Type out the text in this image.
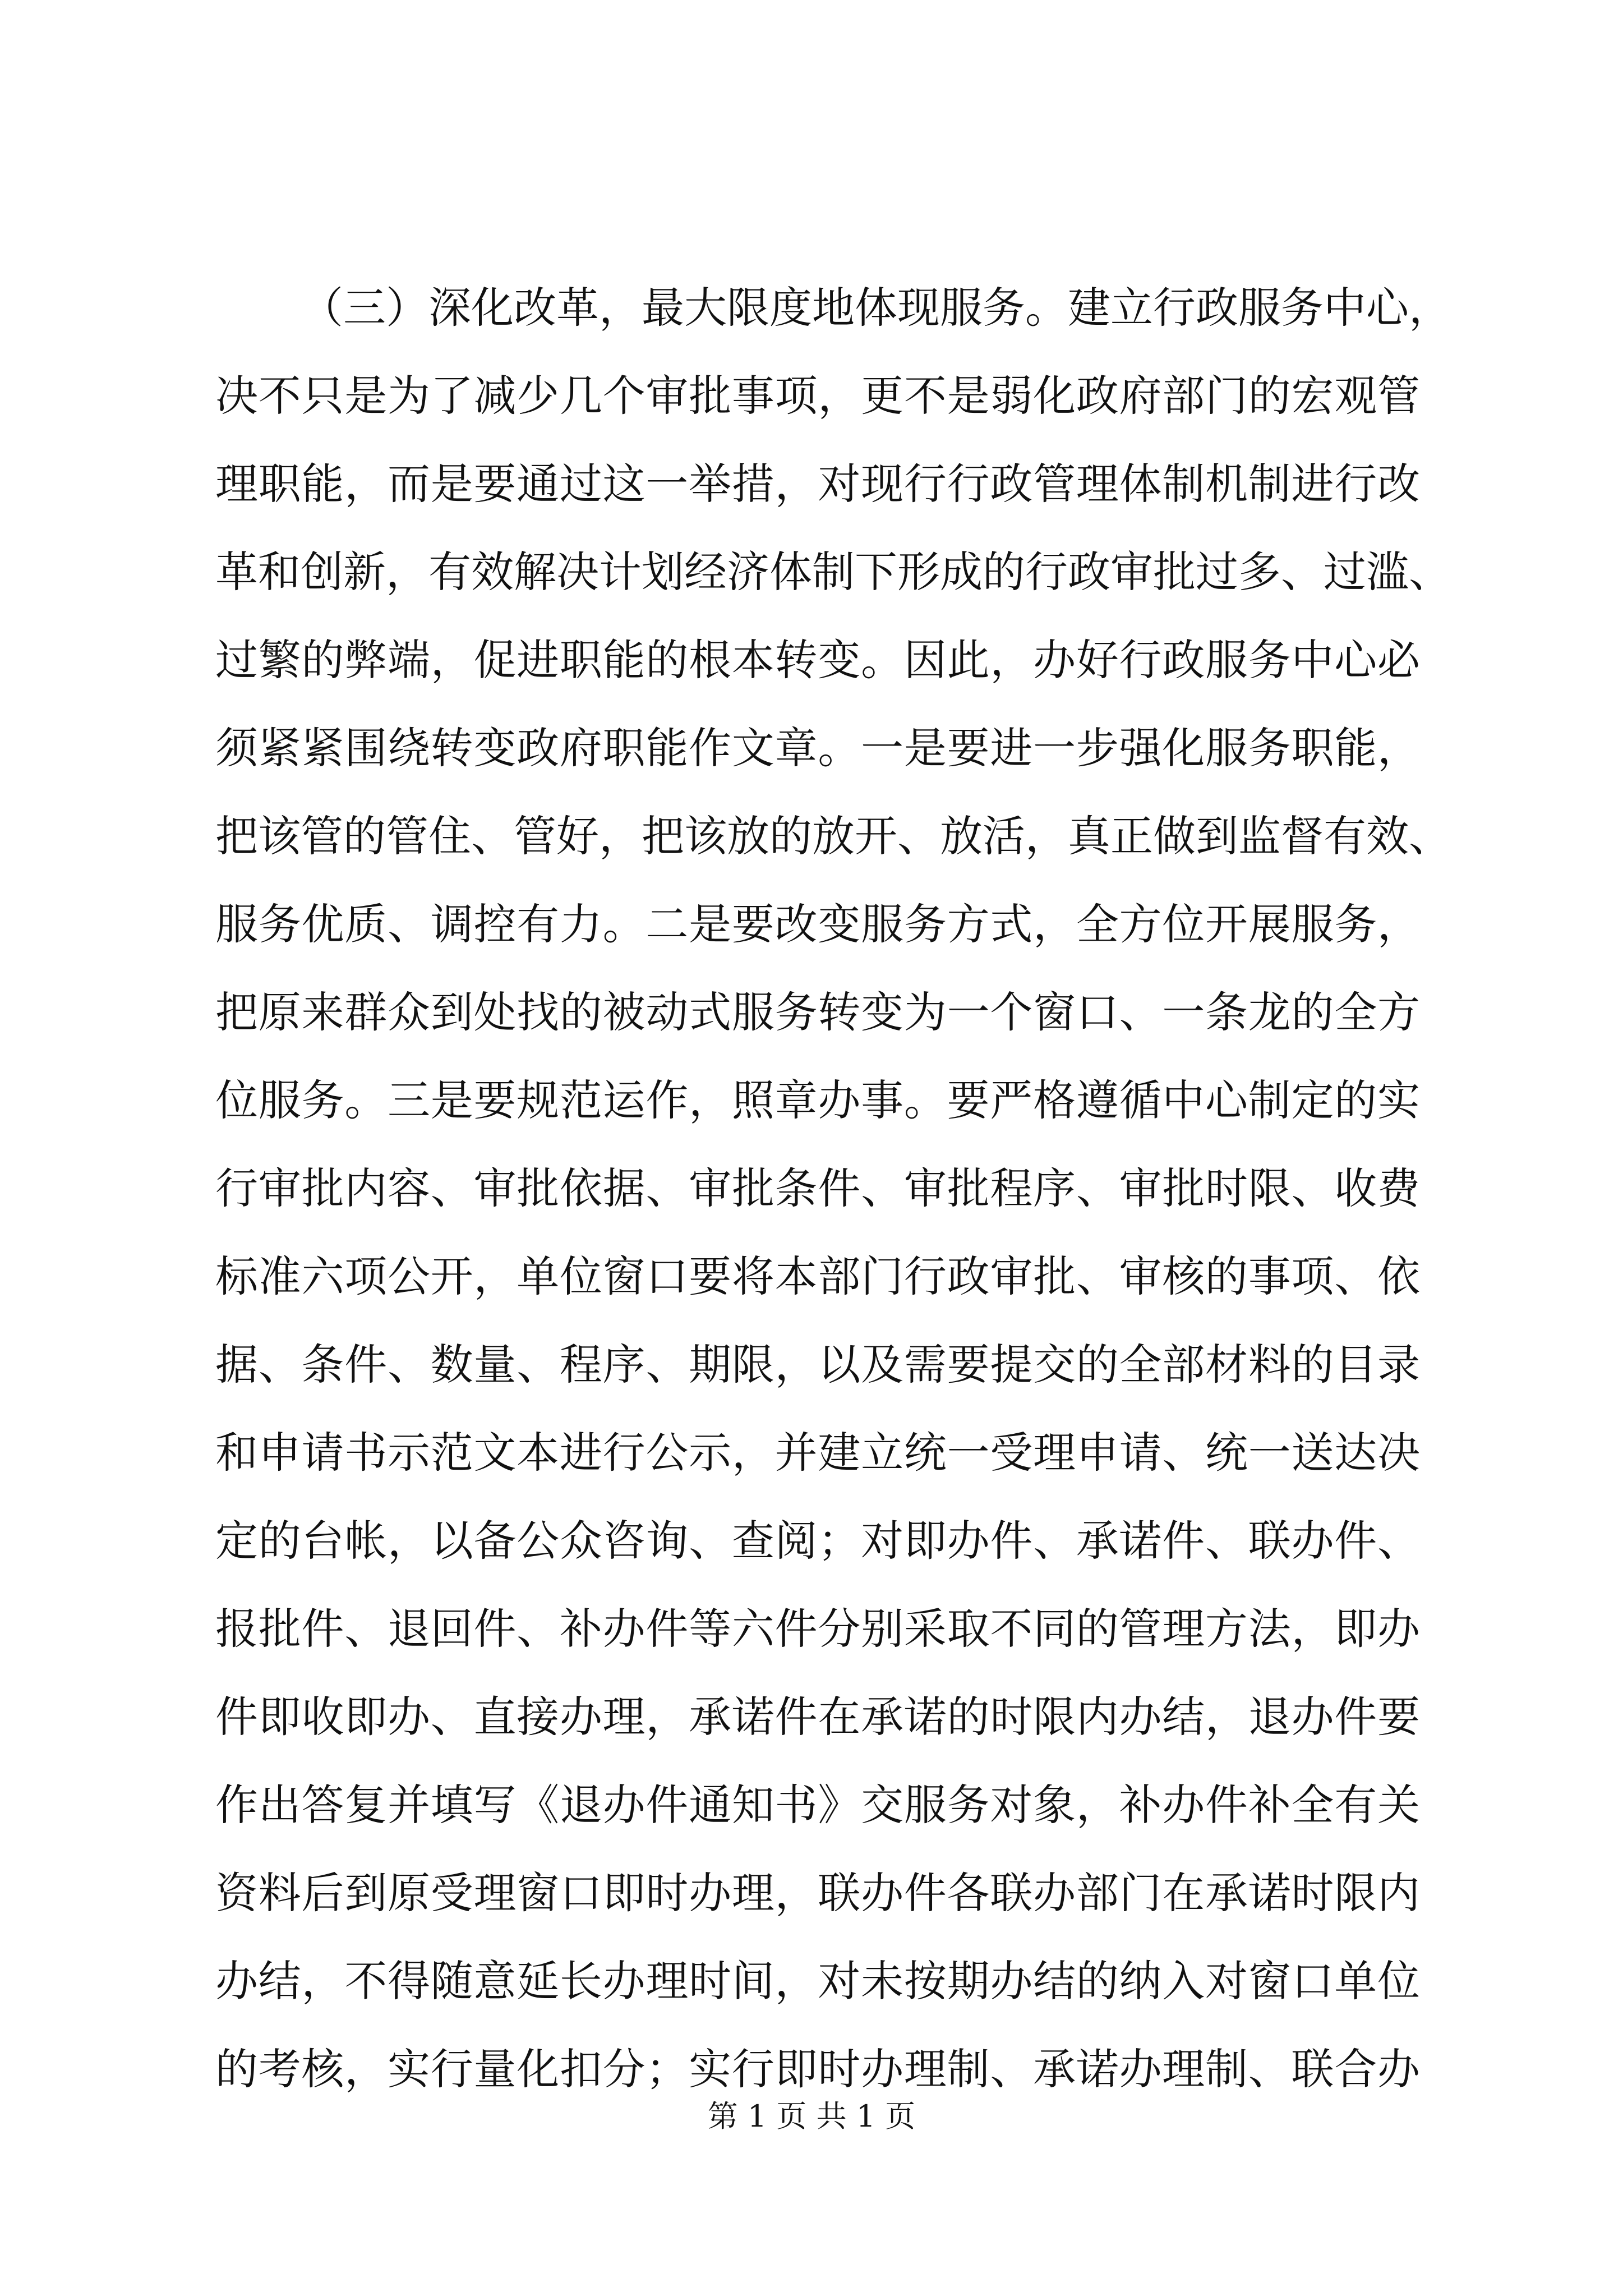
（三）深化改革，最大限度地体现服务。建立行政服务中心，
决不只是为了减少几个审批事项，更不是弱化政府部门的宏观管
理职能，而是要通过这一举措，对现行行政管理体制机制进行改
革和创新，有效解决计划经济体制下形成的行政审批过多、过滥、
过繁的弊端，促进职能的根本转变。因此，办好行政服务中心必
须紧紧围绕转变政府职能作文章。一是要进一步强化服务职能，
把该管的管住、管好，把该放的放开、放活，真正做到监督有效、
服务优质、调控有力。二是要改变服务方式，全方位开展服务，
把原来群众到处找的被动式服务转变为一个窗口、一条龙的全方
位服务。三是要规范运作，照章办事。要严格遵循中心制定的实
行审批内容、审批依据、审批条件、审批程序、审批时限、收费
标准六项公开，单位窗口要将本部门行政审批、审核的事项、依
据、条件、数量、程序、期限，以及需要提交的全部材料的目录
和申请书示范文本进行公示，并建立统一受理申请、统一送达决
定的台帐，以备公众咨询、查阅；对即办件、承诺件、联办件、
报批件、退回件、补办件等六件分别采取不同的管理方法，即办
件即收即办、直接办理，承诺件在承诺的时限内办结，退办件要
作出答复并填写《退办件通知书》交服务对象，补办件补全有关
资料后到原受理窗口即时办理，联办件各联办部门在承诺时限内
办结，不得随意延长办理时间，对未按期办结的纳入对窗口单位
的考核，实行量化扣分；实行即时办理制、承诺办理制、联合办
第 1 页 共 1 页
